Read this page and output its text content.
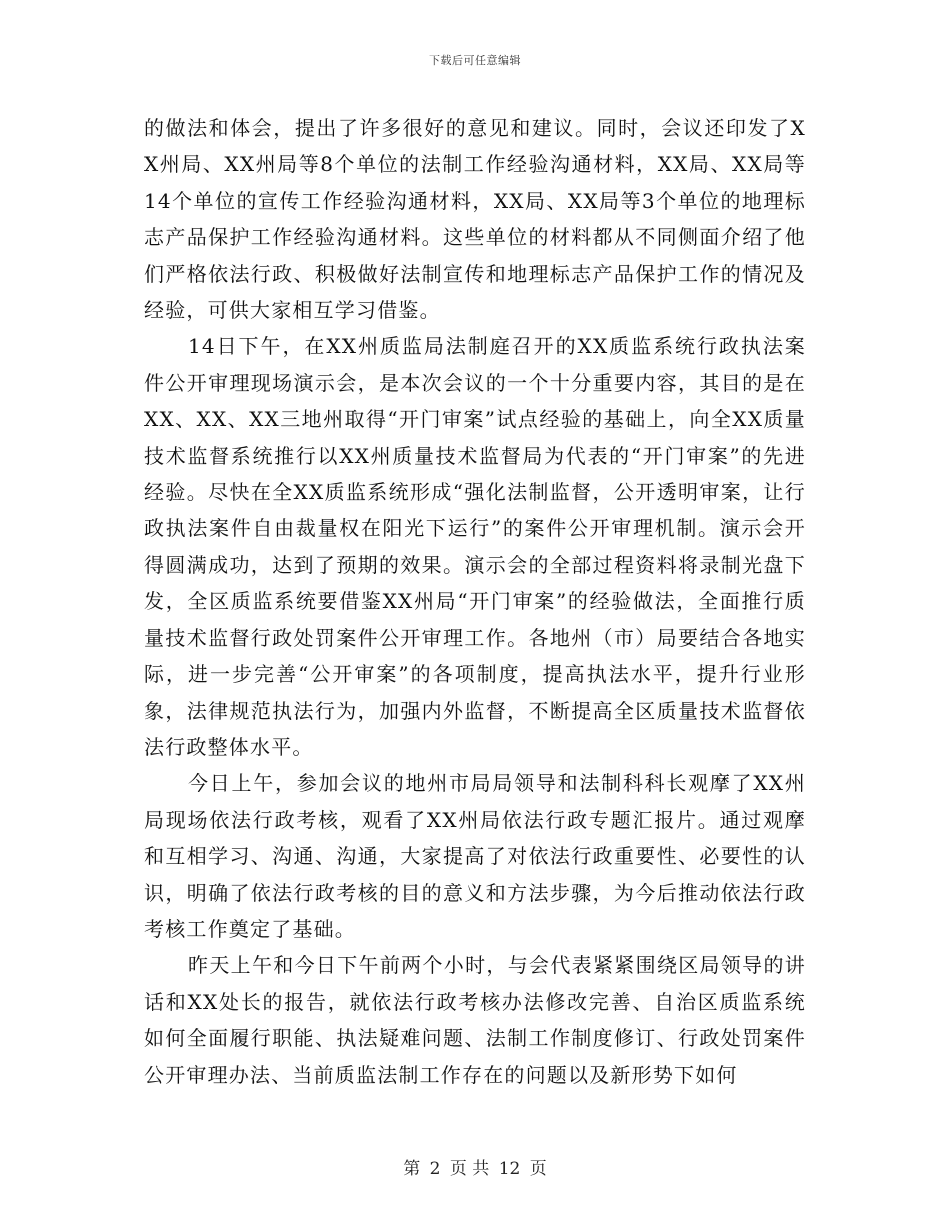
下载后可任意编辑

的做法和体会，提出了许多很好的意见和建议。同时，会议还印发了XX州局、XX州局等8个单位的法制工作经验沟通材料，XX局、XX局等14个单位的宣传工作经验沟通材料，XX局、XX局等3个单位的地理标志产品保护工作经验沟通材料。这些单位的材料都从不同侧面介绍了他们严格依法行政、积极做好法制宣传和地理标志产品保护工作的情况及经验，可供大家相互学习借鉴。

14日下午，在XX州质监局法制庭召开的XX质监系统行政执法案件公开审理现场演示会，是本次会议的一个十分重要内容，其目的是在XX、XX、XX三地州取得“开门审案”试点经验的基础上，向全XX质量技术监督系统推行以XX州质量技术监督局为代表的“开门审案”的先进经验。尽快在全XX质监系统形成“强化法制监督，公开透明审案，让行政执法案件自由裁量权在阳光下运行”的案件公开审理机制。演示会开得圆满成功，达到了预期的效果。演示会的全部过程资料将录制光盘下发，全区质监系统要借鉴XX州局“开门审案”的经验做法，全面推行质量技术监督行政处罚案件公开审理工作。各地州（市）局要结合各地实际，进一步完善“公开审案”的各项制度，提高执法水平，提升行业形象，法律规范执法行为，加强内外监督，不断提高全区质量技术监督依法行政整体水平。

今日上午，参加会议的地州市局局领导和法制科科长观摩了XX州局现场依法行政考核，观看了XX州局依法行政专题汇报片。通过观摩和互相学习、沟通、沟通，大家提高了对依法行政重要性、必要性的认识，明确了依法行政考核的目的意义和方法步骤，为今后推动依法行政考核工作奠定了基础。

昨天上午和今日下午前两个小时，与会代表紧紧围绕区局领导的讲话和XX处长的报告，就依法行政考核办法修改完善、自治区质监系统如何全面履行职能、执法疑难问题、法制工作制度修订、行政处罚案件公开审理办法、当前质监法制工作存在的问题以及新形势下如何

第 2 页 共 12 页
